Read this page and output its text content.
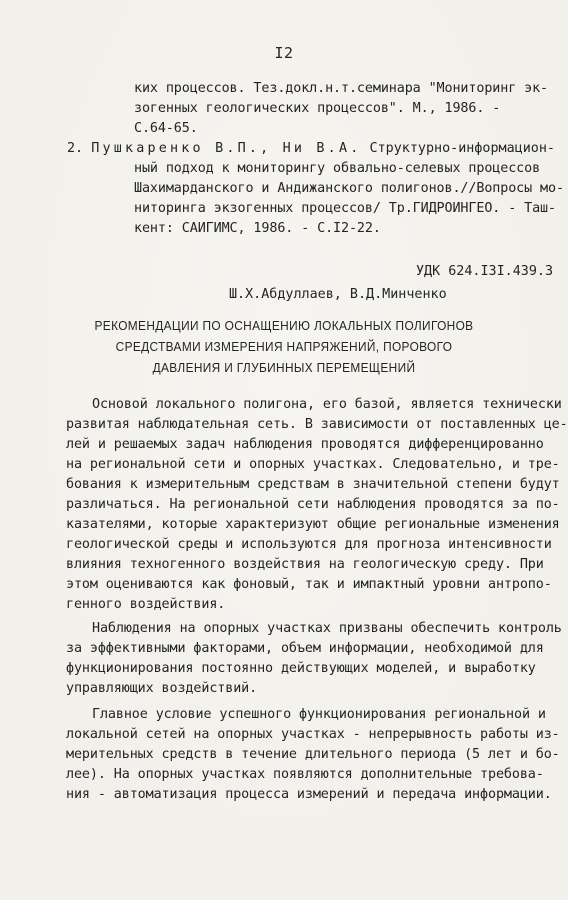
I2
ких процессов. Тез.докл.н.т.семинара "Мониторинг эк-
зогенных геологических процессов". М., 1986. -
С.64-65.
2. Пушкаренко В.П., Ни В.А. Структурно-информацион-
ный подход к мониторингу обвально-селевых процессов
Шахимарданского и Андижанского полигонов.//Вопросы мо-
ниторинга экзогенных процессов/ Тр.ГИДРОИНГЕО. - Таш-
кент: САИГИМС, 1986. - С.I2-22.
УДК 624.I3I.439.3
Ш.Х.Абдуллаев, В.Д.Минченко
РЕКОМЕНДАЦИИ ПО ОСНАЩЕНИЮ ЛОКАЛЬНЫХ ПОЛИГОНОВ
СРЕДСТВАМИ ИЗМЕРЕНИЯ НАПРЯЖЕНИЙ, ПОРОВОГО
ДАВЛЕНИЯ И ГЛУБИННЫХ ПЕРЕМЕЩЕНИЙ
Основой локального полигона, его базой, является технически
развитая наблюдательная сеть. В зависимости от поставленных це-
лей и решаемых задач наблюдения проводятся дифференцированно
на региональной сети и опорных участках. Следовательно, и тре-
бования к измерительным средствам в значительной степени будут
различаться. На региональной сети наблюдения проводятся за по-
казателями, которые характеризуют общие региональные изменения
геологической среды и используются для прогноза интенсивности
влияния техногенного воздействия на геологическую среду. При
этом оцениваются как фоновый, так и импактный уровни антропо-
генного воздействия.
Наблюдения на опорных участках призваны обеспечить контроль
за эффективными факторами, объем информации, необходимой для
функционирования постоянно действующих моделей, и выработку
управляющих воздействий.
Главное условие успешного функционирования региональной и
локальной сетей на опорных участках - непрерывность работы из-
мерительных средств в течение длительного периода (5 лет и бо-
лее). На опорных участках появляются дополнительные требова-
ния - автоматизация процесса измерений и передача информации.
